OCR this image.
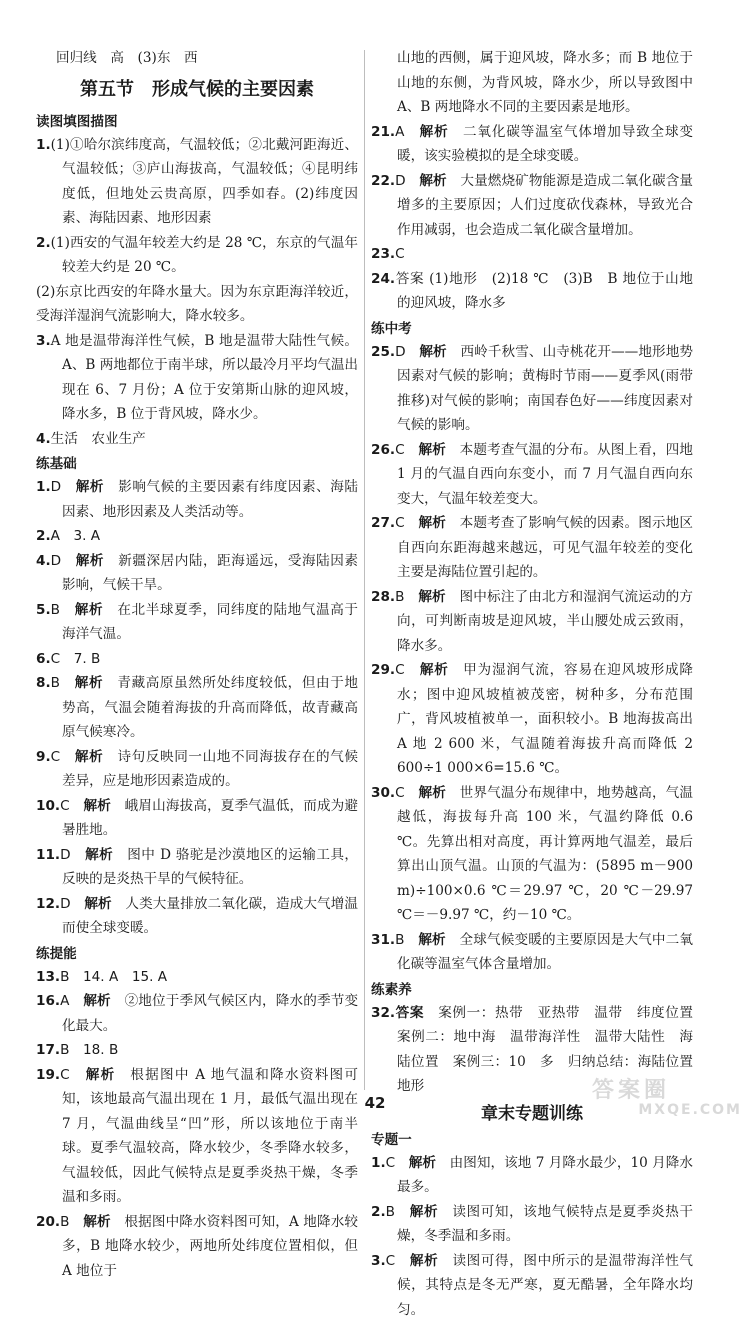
回归线　高　(3)东　西

第五节　形成气候的主要因素
读图填图描图

1.(1)①哈尔滨纬度高，气温较低；②北戴河距海近、气温较低；③庐山海拔高，气温较低；④昆明纬度低，但地处云贵高原，四季如春。(2)纬度因素、海陆因素、地形因素

2.(1)西安的气温年较差大约是 28 ℃，东京的气温年较差大约是 20 ℃。

(2)东京比西安的年降水量大。因为东京距海洋较近，受海洋湿润气流影响大，降水较多。

3.A 地是温带海洋性气候，B 地是温带大陆性气候。A、B 两地都位于南半球，所以最冷月平均气温出现在 6、7 月份；A 位于安第斯山脉的迎风坡，降水多，B 位于背风坡，降水少。

4.生活　农业生产

练基础

1.D　 解析　 影响气候的主要因素有纬度因素、海陆因素、地形因素及人类活动等。

2.A　3. A

4.D　 解析　 新疆深居内陆，距海遥远，受海陆因素影响，气候干旱。

5.B　 解析　 在北半球夏季，同纬度的陆地气温高于海洋气温。

6.C　7. B

8.B　 解析　 青藏高原虽然所处纬度较低，但由于地势高，气温会随着海拔的升高而降低，故青藏高原气候寒冷。

9.C　 解析　 诗句反映同一山地不同海拔存在的气候差异，应是地形因素造成的。

10.C　 解析　 峨眉山海拔高，夏季气温低，而成为避暑胜地。

11.D　 解析　 图中 D 骆驼是沙漠地区的运输工具，反映的是炎热干旱的气候特征。

12.D　 解析　 人类大量排放二氧化碳，造成大气增温而使全球变暖。

练提能

13.B　14. A　15. A

16.A　 解析　 ②地位于季风气候区内，降水的季节变化最大。

17.B　18. B

19.C　 解析　 根据图中 A 地气温和降水资料图可知，该地最高气温出现在 1 月，最低气温出现在 7 月，气温曲线呈“凹”形，所以该地位于南半球。夏季气温较高，降水较少，冬季降水较多，气温较低，因此气候特点是夏季炎热干燥，冬季温和多雨。

20.B　 解析　 根据图中降水资料图可知，A 地降水较多，B 地降水较少，两地所处纬度位置相似，但 A 地位于

山地的西侧，属于迎风坡，降水多；而 B 地位于山地的东侧，为背风坡，降水少，所以导致图中 A、B 两地降水不同的主要因素是地形。

21.A　 解析　 二氧化碳等温室气体增加导致全球变暖，该实验模拟的是全球变暖。

22.D　 解析　 大量燃烧矿物能源是造成二氧化碳含量增多的主要原因；人们过度砍伐森林，导致光合作用减弱，也会造成二氧化碳含量增加。

23.C

24.答案 (1)地形　(2)18 ℃　(3)B　B 地位于山地的迎风坡，降水多

练中考

25.D　 解析　 西岭千秋雪、山寺桃花开——地形地势因素对气候的影响；黄梅时节雨——夏季风(雨带推移)对气候的影响；南国春色好——纬度因素对气候的影响。

26.C　 解析　 本题考查气温的分布。从图上看，四地 1 月的气温自西向东变小，而 7 月气温自西向东变大，气温年较差变大。

27.C　 解析　 本题考查了影响气候的因素。图示地区自西向东距海越来越远，可见气温年较差的变化主要是海陆位置引起的。

28.B　 解析　 图中标注了由北方和湿润气流运动的方向，可判断南坡是迎风坡，半山腰处成云致雨，降水多。

29.C　 解析　 甲为湿润气流，容易在迎风坡形成降水；图中迎风坡植被茂密，树种多，分布范围广，背风坡植被单一，面积较小。B 地海拔高出 A 地 2 600 米，气温随着海拔升高而降低 2 600÷1 000×6=15.6 ℃。

30.C　 解析　 世界气温分布规律中，地势越高，气温越低，海拔每升高 100 米，气温约降低 0.6 ℃。先算出相对高度，再计算两地气温差，最后算出山顶气温。山顶的气温为：(5895 m－900 m)÷100×0.6 ℃＝29.97 ℃，20 ℃－29.97 ℃＝－9.97 ℃，约－10 ℃。

31.B　 解析　 全球气候变暖的主要原因是大气中二氧化碳等温室气体含量增加。

练素养

32.答案　 案例一：热带　亚热带　温带　纬度位置　案例二：地中海　温带海洋性　温带大陆性　海陆位置　案例三：10　多　归纳总结：海陆位置　地形

章末专题训练
专题一

1.C　 解析　 由图知，该地 7 月降水最少，10 月降水最多。

2.B　 解析　 读图可知，该地气候特点是夏季炎热干燥，冬季温和多雨。

3.C　 解析　 读图可得，图中所示的是温带海洋性气候，其特点是冬无严寒，夏无酷暑，全年降水均匀。

42	答案圈
MXQE.COM
